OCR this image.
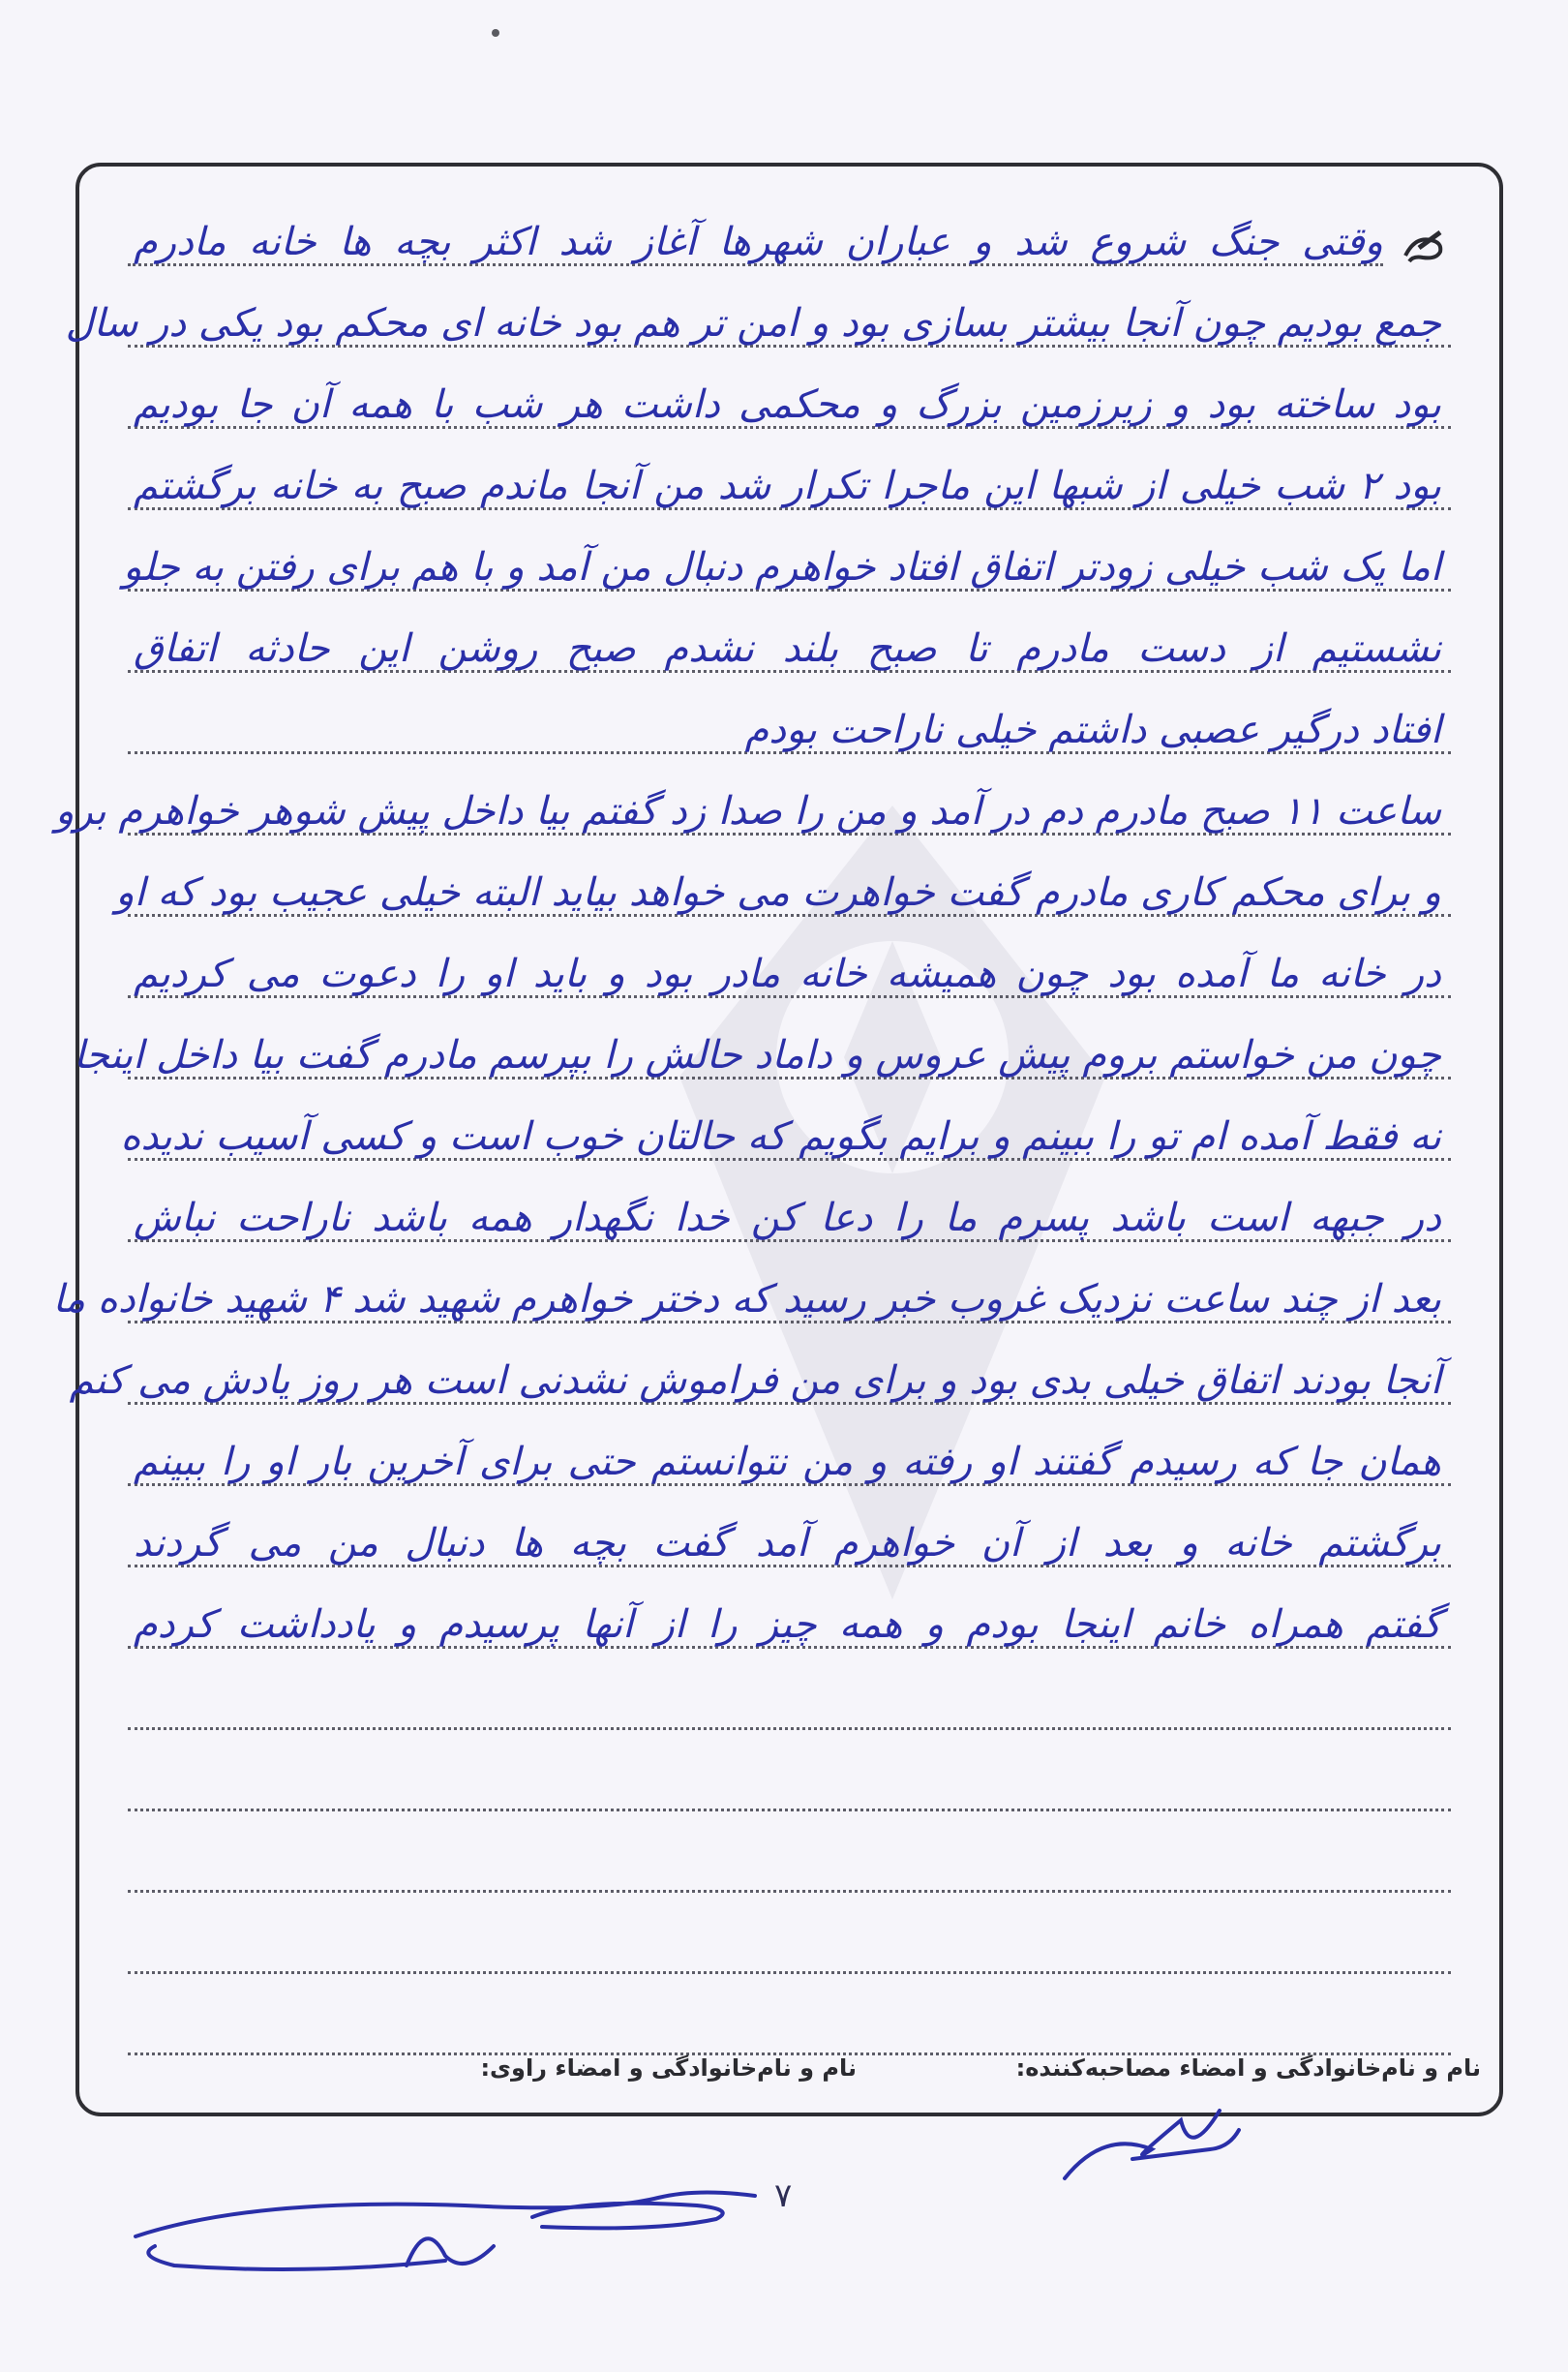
وقتی جنگ شروع شد و عباران شهرها آغاز شد اکثر بچه ها خانه مادرم
جمع بودیم چون آنجا بیشتر بسازی بود و امن تر هم بود خانه ای محکم بود یکی در سال
بود ساخته بود و زیرزمین بزرگ و محکمی داشت هر شب با همه آن جا بودیم
بود ۲ شب خیلی از شبها این ماجرا تکرار شد من آنجا ماندم صبح به خانه برگشتم
اما یک شب خیلی زودتر اتفاق افتاد خواهرم دنبال من آمد و با هم برای رفتن به جلو
نشستیم از دست مادرم تا صبح بلند نشدم صبح روشن این حادثه اتفاق
افتاد درگیر عصبی داشتم خیلی ناراحت بودم
ساعت ۱۱ صبح مادرم دم در آمد و من را صدا زد گفتم بیا داخل پیش شوهر خواهرم برو
و برای محکم کاری مادرم گفت خواهرت می خواهد بیاید البته خیلی عجیب بود که او
در خانه ما آمده بود چون همیشه خانه مادر بود و باید او را دعوت می کردیم
چون من خواستم بروم پیش عروس و داماد حالش را بپرسم مادرم گفت بیا داخل اینجا
نه فقط آمده ام تو را ببینم و برایم بگویم که حالتان خوب است و کسی آسیب ندیده
در جبهه است باشد پسرم ما را دعا کن خدا نگهدار همه باشد ناراحت نباش
بعد از چند ساعت نزدیک غروب خبر رسید که دختر خواهرم شهید شد ۴ شهید خانواده ما
آنجا بودند اتفاق خیلی بدی بود و برای من فراموش نشدنی است هر روز یادش می کنم
همان جا که رسیدم گفتند او رفته و من نتوانستم حتی برای آخرین بار او را ببینم
برگشتم خانه و بعد از آن خواهرم آمد گفت بچه ها دنبال من می گردند
گفتم همراه خانم اینجا بودم و همه چیز را از آنها پرسیدم و یادداشت کردم
نام و نام‌خانوادگی و امضاء مصاحبه‌کننده:
نام و نام‌خانوادگی و امضاء راوی:
۷
